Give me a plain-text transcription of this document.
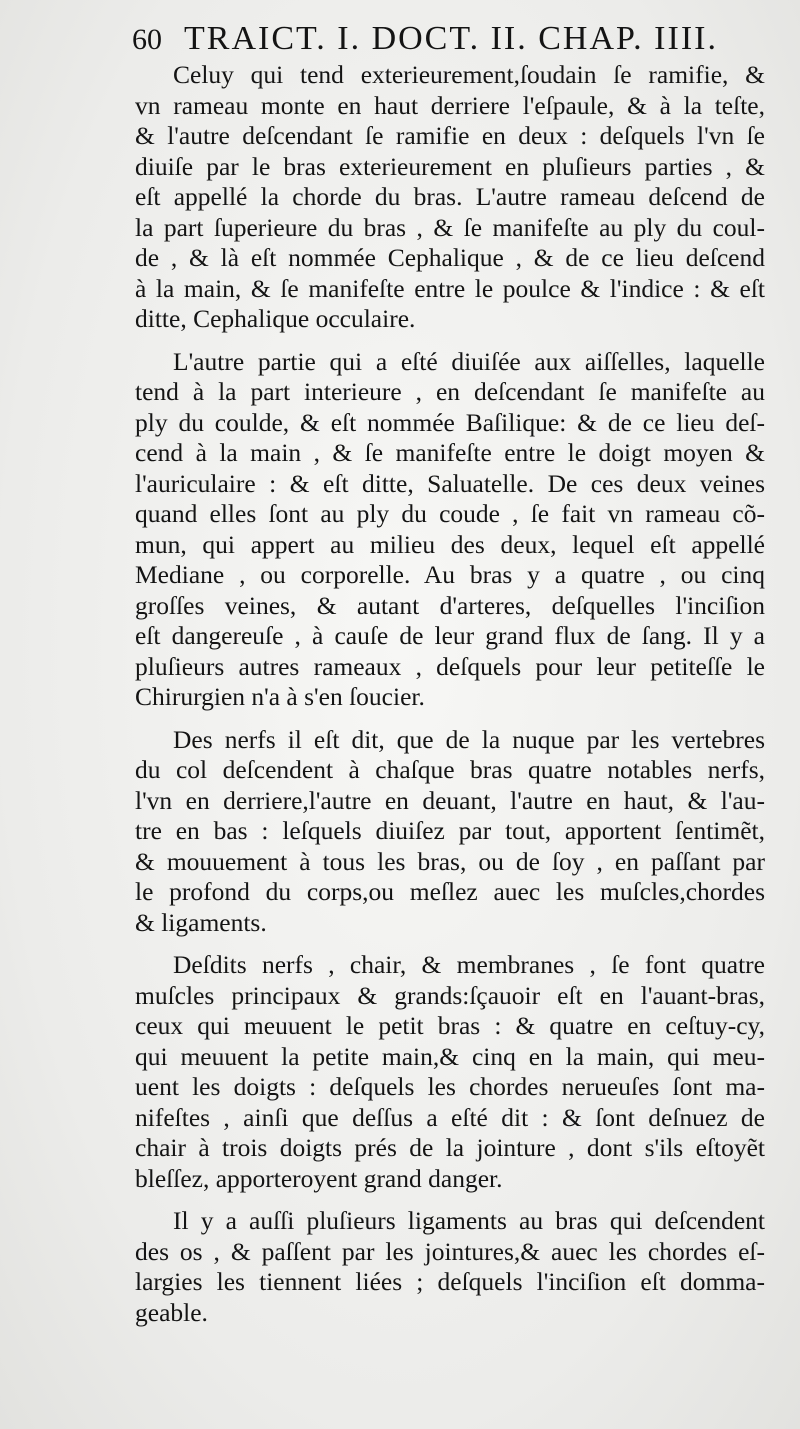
60 TRAICT. I. DOCT. II. CHAP. IIII.
Celuy qui tend exterieurement,ſoudain ſe ramifie, &
vn rameau monte en haut derriere l'eſpaule, & à la teſte,
& l'autre deſcendant ſe ramifie en deux : deſquels l'vn ſe
diuiſe par le bras exterieurement en pluſieurs parties , &
eſt appellé la chorde du bras. L'autre rameau deſcend de
la part ſuperieure du bras , & ſe manifeſte au ply du coul-
de , & là eſt nommée Cephalique , & de ce lieu deſcend
à la main, & ſe manifeſte entre le poulce & l'indice : & eſt
ditte, Cephalique occulaire.
L'autre partie qui a eſté diuiſée aux aiſſelles, laquelle
tend à la part interieure , en deſcendant ſe manifeſte au
ply du coulde, & eſt nommée Baſilique: & de ce lieu deſ-
cend à la main , & ſe manifeſte entre le doigt moyen &
l'auriculaire : & eſt ditte, Saluatelle. De ces deux veines
quand elles ſont au ply du coude , ſe fait vn rameau cõ-
mun, qui appert au milieu des deux, lequel eſt appellé
Mediane , ou corporelle. Au bras y a quatre , ou cinq
groſſes veines, & autant d'arteres, deſquelles l'inciſion
eſt dangereuſe , à cauſe de leur grand flux de ſang. Il y a
pluſieurs autres rameaux , deſquels pour leur petiteſſe le
Chirurgien n'a à s'en ſoucier.
Des nerfs il eſt dit, que de la nuque par les vertebres
du col deſcendent à chaſque bras quatre notables nerfs,
l'vn en derriere,l'autre en deuant, l'autre en haut, & l'au-
tre en bas : leſquels diuiſez par tout, apportent ſentimẽt,
& mouuement à tous les bras, ou de ſoy , en paſſant par
le profond du corps,ou meſlez auec les muſcles,chordes
& ligaments.
Deſdits nerfs , chair, & membranes , ſe font quatre
muſcles principaux & grands:ſçauoir eſt en l'auant-bras,
ceux qui meuuent le petit bras : & quatre en ceſtuy-cy,
qui meuuent la petite main,& cinq en la main, qui meu-
uent les doigts : deſquels les chordes nerueuſes ſont ma-
nifeſtes , ainſi que deſſus a eſté dit : & ſont deſnuez de
chair à trois doigts prés de la jointure , dont s'ils eſtoyẽt
bleſſez, apporteroyent grand danger.
Il y a auſſi pluſieurs ligaments au bras qui deſcendent
des os , & paſſent par les jointures,& auec les chordes eſ-
largies les tiennent liées ; deſquels l'inciſion eſt domma-
geable.
